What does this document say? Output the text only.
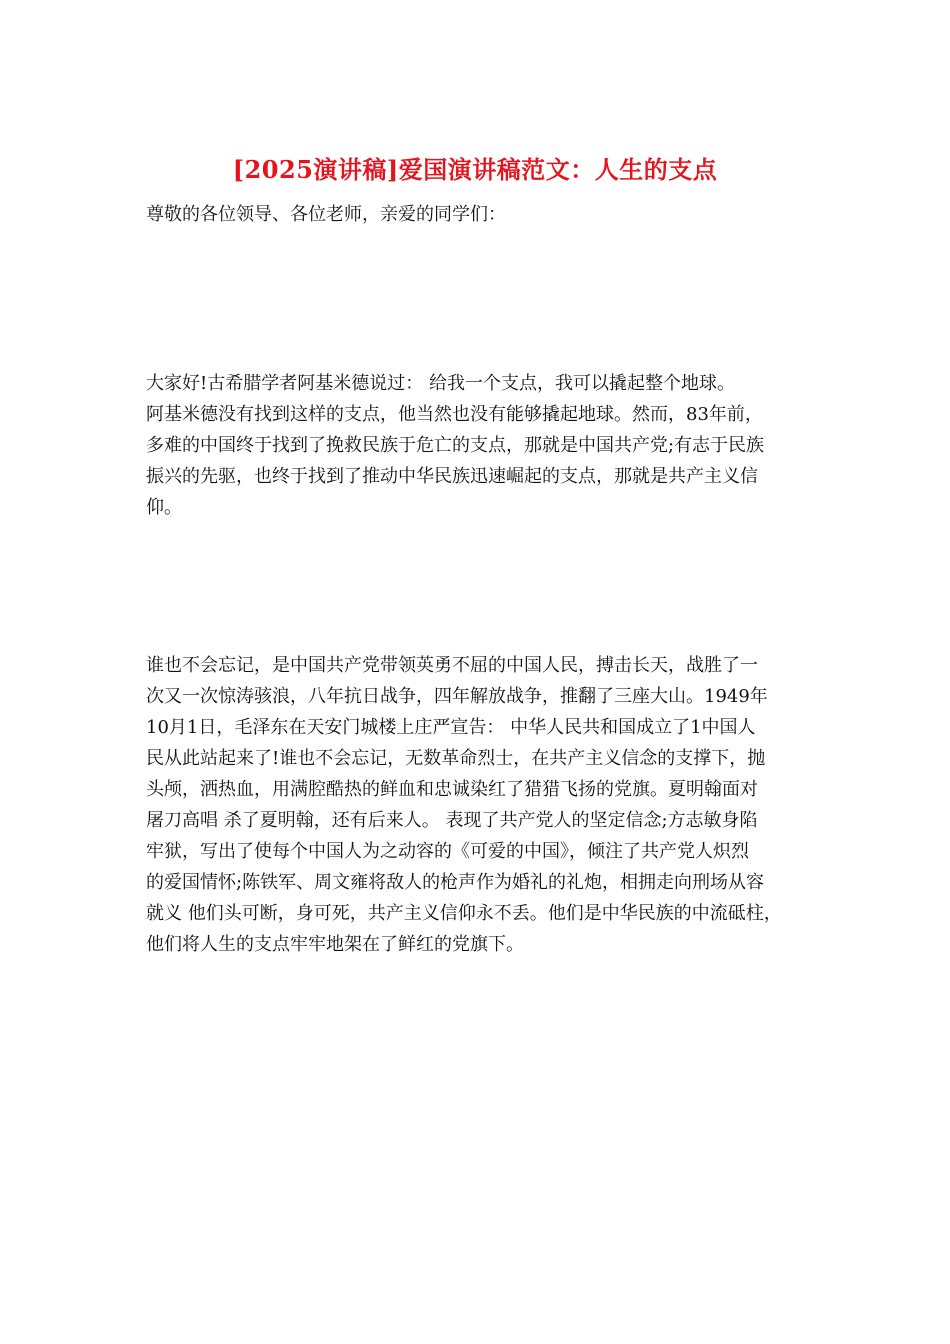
[2025演讲稿]爱国演讲稿范文：人生的支点
尊敬的各位领导、各位老师，亲爱的同学们：
大家好!古希腊学者阿基米德说过： 给我一个支点，我可以撬起整个地球。
阿基米德没有找到这样的支点，他当然也没有能够撬起地球。然而，83年前，
多难的中国终于找到了挽救民族于危亡的支点，那就是中国共产党;有志于民族
振兴的先驱，也终于找到了推动中华民族迅速崛起的支点，那就是共产主义信
仰。
谁也不会忘记，是中国共产党带领英勇不屈的中国人民，搏击长天，战胜了一
次又一次惊涛骇浪，八年抗日战争，四年解放战争，推翻了三座大山。1949年
10月1日，毛泽东在天安门城楼上庄严宣告： 中华人民共和国成立了1中国人
民从此站起来了!谁也不会忘记，无数革命烈士，在共产主义信念的支撑下，抛
头颅，洒热血，用满腔酷热的鲜血和忠诚染红了猎猎飞扬的党旗。夏明翰面对
屠刀高唱 杀了夏明翰，还有后来人。 表现了共产党人的坚定信念;方志敏身陷
牢狱，写出了使每个中国人为之动容的《可爱的中国》，倾注了共产党人炽烈
的爱国情怀;陈铁军、周文雍将敌人的枪声作为婚礼的礼炮，相拥走向刑场从容
就义 他们头可断，身可死，共产主义信仰永不丢。他们是中华民族的中流砥柱，
他们将人生的支点牢牢地架在了鲜红的党旗下。
